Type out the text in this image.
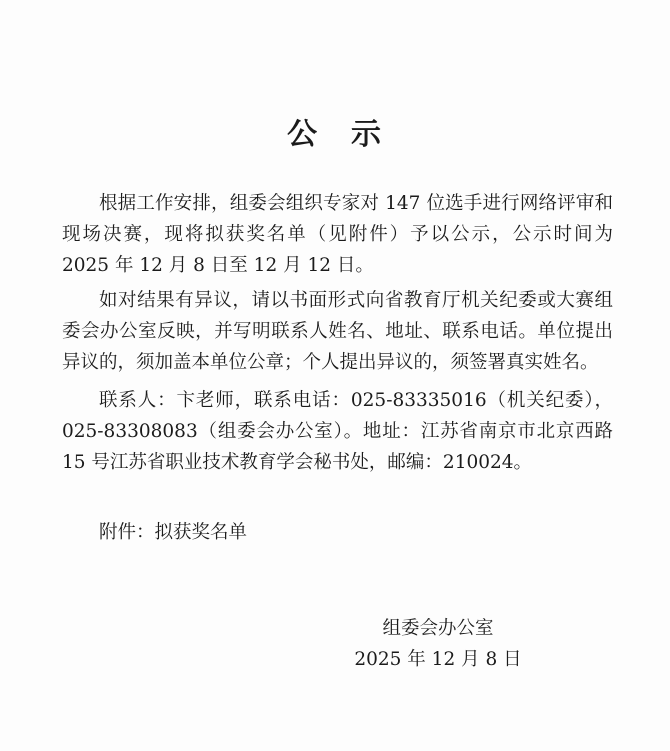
公　示

根据工作安排，组委会组织专家对 147 位选手进行网络评审和现场决赛，现将拟获奖名单（见附件）予以公示，公示时间为 2025 年 12 月 8 日至 12 月 12 日。

如对结果有异议，请以书面形式向省教育厅机关纪委或大赛组委会办公室反映，并写明联系人姓名、地址、联系电话。单位提出异议的，须加盖本单位公章；个人提出异议的，须签署真实姓名。

联系人：卞老师，联系电话：025-83335016（机关纪委），025-83308083（组委会办公室）。地址：江苏省南京市北京西路 15 号江苏省职业技术教育学会秘书处，邮编：210024。

附件：拟获奖名单

组委会办公室
2025 年 12 月 8 日
